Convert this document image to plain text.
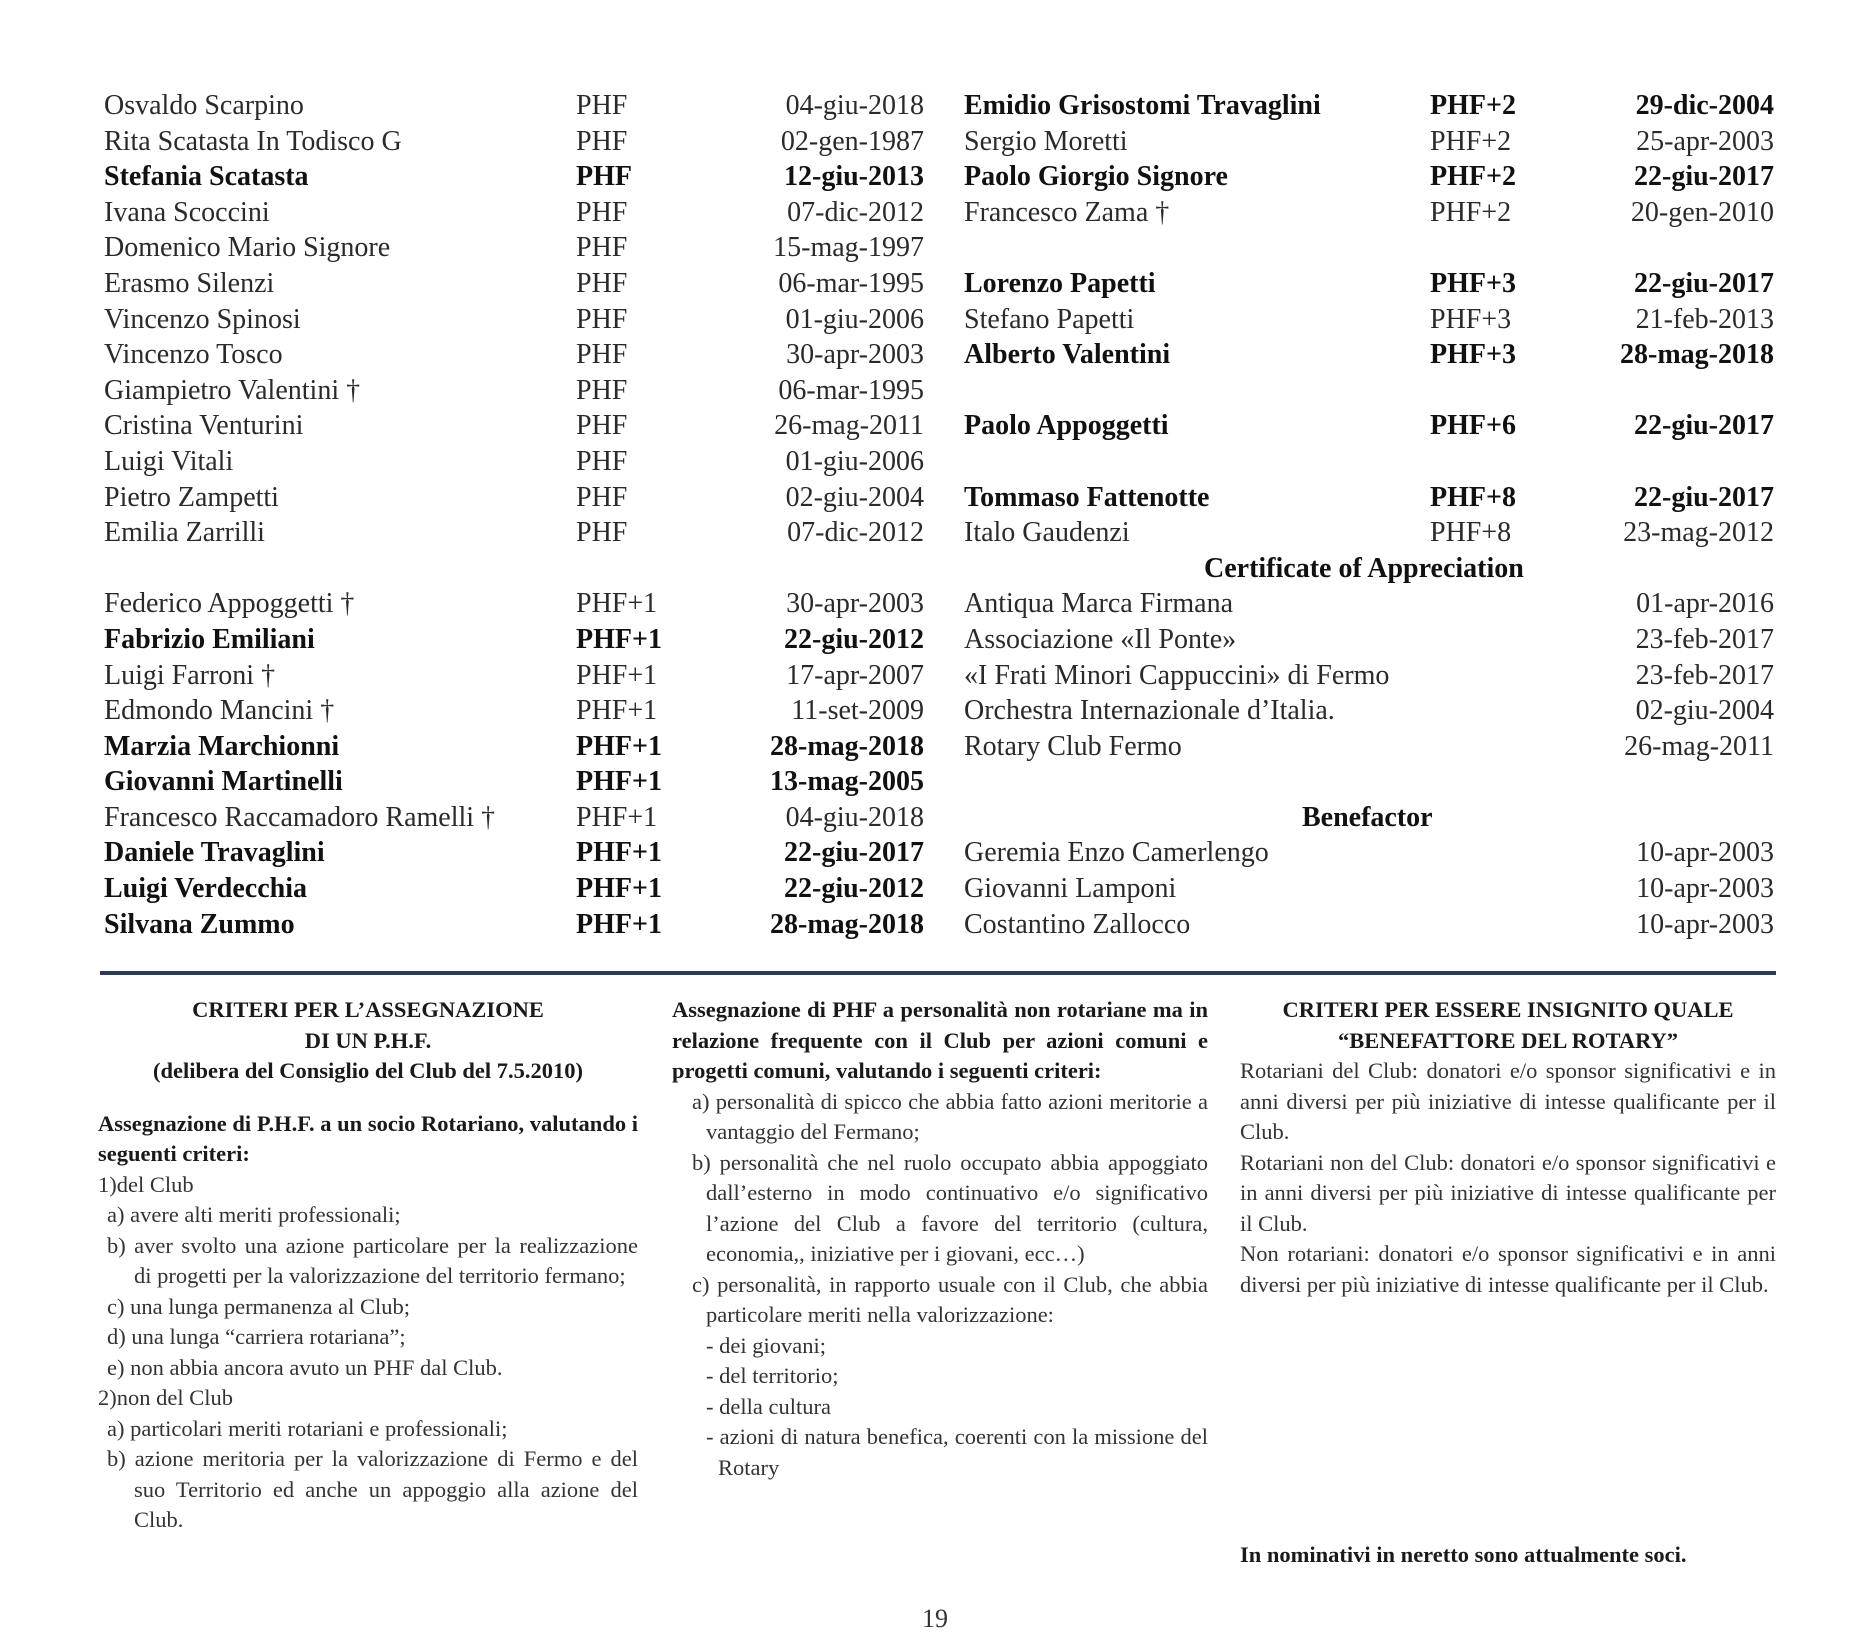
Osvaldo Scarpino	PHF	04-giu-2018
Rita Scatasta In Todisco G	PHF	02-gen-1987
Stefania Scatasta	PHF	12-giu-2013
Ivana Scoccini	PHF	07-dic-2012
Domenico Mario Signore	PHF	15-mag-1997
Erasmo Silenzi	PHF	06-mar-1995
Vincenzo Spinosi	PHF	01-giu-2006
Vincenzo Tosco	PHF	30-apr-2003
Giampietro Valentini †	PHF	06-mar-1995
Cristina Venturini	PHF	26-mag-2011
Luigi Vitali	PHF	01-giu-2006
Pietro Zampetti	PHF	02-giu-2004
Emilia Zarrilli	PHF	07-dic-2012
Federico Appoggetti †	PHF+1	30-apr-2003
Fabrizio Emiliani	PHF+1	22-giu-2012
Luigi Farroni †	PHF+1	17-apr-2007
Edmondo Mancini †	PHF+1	11-set-2009
Marzia Marchionni	PHF+1	28-mag-2018
Giovanni Martinelli	PHF+1	13-mag-2005
Francesco Raccamadoro Ramelli †	PHF+1	04-giu-2018
Daniele Travaglini	PHF+1	22-giu-2017
Luigi Verdecchia	PHF+1	22-giu-2012
Silvana Zummo	PHF+1	28-mag-2018
Emidio Grisostomi Travaglini	PHF+2	29-dic-2004
Sergio Moretti	PHF+2	25-apr-2003
Paolo Giorgio Signore	PHF+2	22-giu-2017
Francesco Zama †	PHF+2	20-gen-2010
Lorenzo Papetti	PHF+3	22-giu-2017
Stefano Papetti	PHF+3	21-feb-2013
Alberto Valentini	PHF+3	28-mag-2018
Paolo Appoggetti	PHF+6	22-giu-2017
Tommaso Fattenotte	PHF+8	22-giu-2017
Italo Gaudenzi	PHF+8	23-mag-2012
Certificate of Appreciation
Antiqua Marca Firmana	01-apr-2016
Associazione «Il Ponte»	23-feb-2017
«I Frati Minori Cappuccini» di Fermo	23-feb-2017
Orchestra Internazionale d’Italia.	02-giu-2004
Rotary Club Fermo	26-mag-2011
Benefactor
Geremia Enzo Camerlengo	10-apr-2003
Giovanni Lamponi	10-apr-2003
Costantino Zallocco	10-apr-2003
CRITERI PER L’ASSEGNAZIONE
DI UN P.H.F.
(delibera del Consiglio del Club del 7.5.2010)
Assegnazione di P.H.F. a un socio Rotariano, valutando i seguenti criteri:
1)del Club
a) avere alti meriti professionali;
b) aver svolto una azione particolare per la realizzazione di progetti per la valorizzazione del territorio fermano;
c) una lunga permanenza al Club;
d) una lunga “carriera rotariana”;
e) non abbia ancora avuto un PHF dal Club.
2)non del Club
a) particolari meriti rotariani e professionali;
b) azione meritoria per la valorizzazione di Fermo e del suo Territorio ed anche un appoggio alla azione del Club.
Assegnazione di PHF a personalità non rotariane ma in relazione frequente con il Club per azioni comuni e progetti comuni, valutando i seguenti criteri:
a) personalità di spicco che abbia fatto azioni meritorie a vantaggio del Fermano;
b) personalità che nel ruolo occupato abbia appoggiato dall’esterno in modo continuativo e/o significativo l’azione del Club a favore del territorio (cultura, economia,, iniziative per i giovani, ecc…)
c) personalità, in rapporto usuale con il Club, che abbia particolare meriti nella valorizzazione:
- dei giovani;
- del territorio;
- della cultura
- azioni di natura benefica, coerenti con la missione del Rotary
CRITERI PER ESSERE INSIGNITO QUALE
“BENEFATTORE DEL ROTARY”
Rotariani del Club: donatori e/o sponsor significativi e in anni diversi per più iniziative di intesse qualificante per il Club.
Rotariani non del Club: donatori e/o sponsor significativi e in anni diversi per più iniziative di intesse qualificante per il Club.
Non rotariani: donatori e/o sponsor significativi e in anni diversi per più iniziative di intesse qualificante per il Club.
In nominativi in neretto sono attualmente soci.
19
